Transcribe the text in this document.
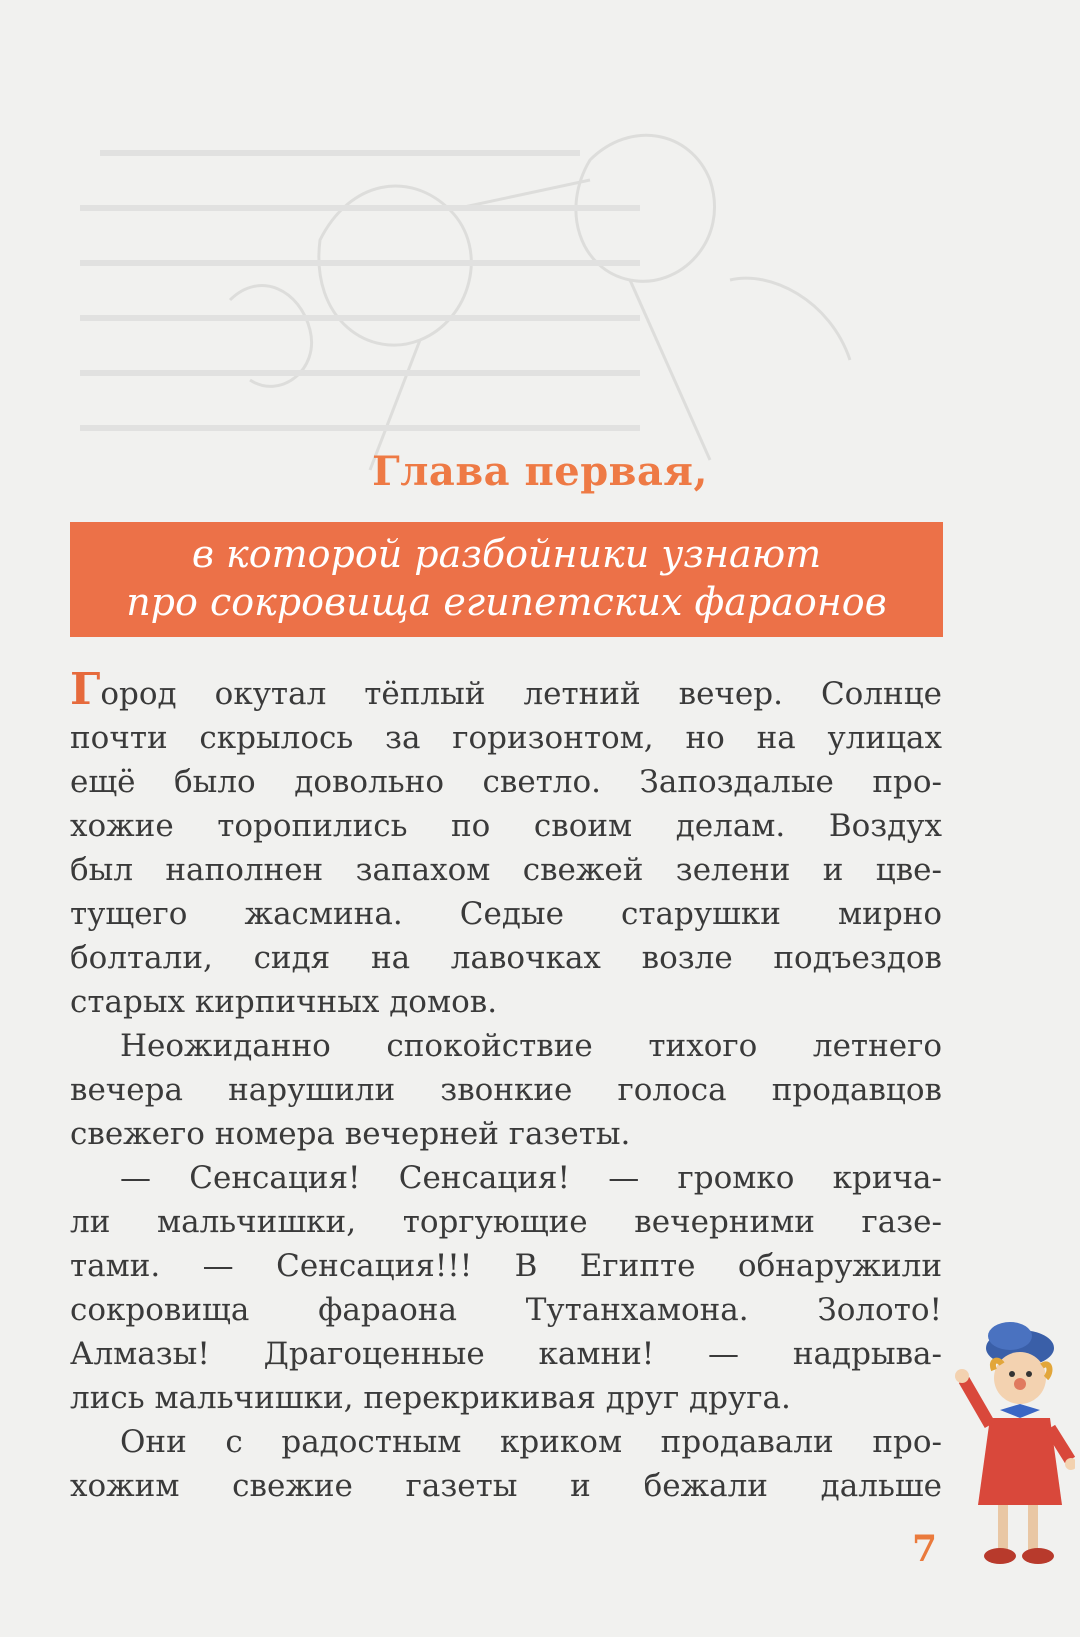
Глава первая,
в которой разбойники узнают
про сокровища египетских фараонов

Город окутал тёплый летний вечер. Солнце

почти скрылось за горизонтом, но на улицах

ещё было довольно светло. Запоздалые про-

хожие торопились по своим делам. Воздух

был наполнен запахом свежей зелени и цве-

тущего жасмина. Седые старушки мирно

болтали, сидя на лавочках возле подъездов

старых кирпичных домов.

Неожиданно спокойствие тихого летнего

вечера нарушили звонкие голоса продавцов

свежего номера вечерней газеты.

— Сенсация! Сенсация! — громко крича-

ли мальчишки, торгующие вечерними газе-

тами. — Сенсация!!! В Египте обнаружили

сокровища фараона Тутанхамона. Золото!

Алмазы! Драгоценные камни! — надрыва-

лись мальчишки, перекрикивая друг друга.

Они с радостным криком продавали про-

хожим свежие газеты и бежали дальше

7
